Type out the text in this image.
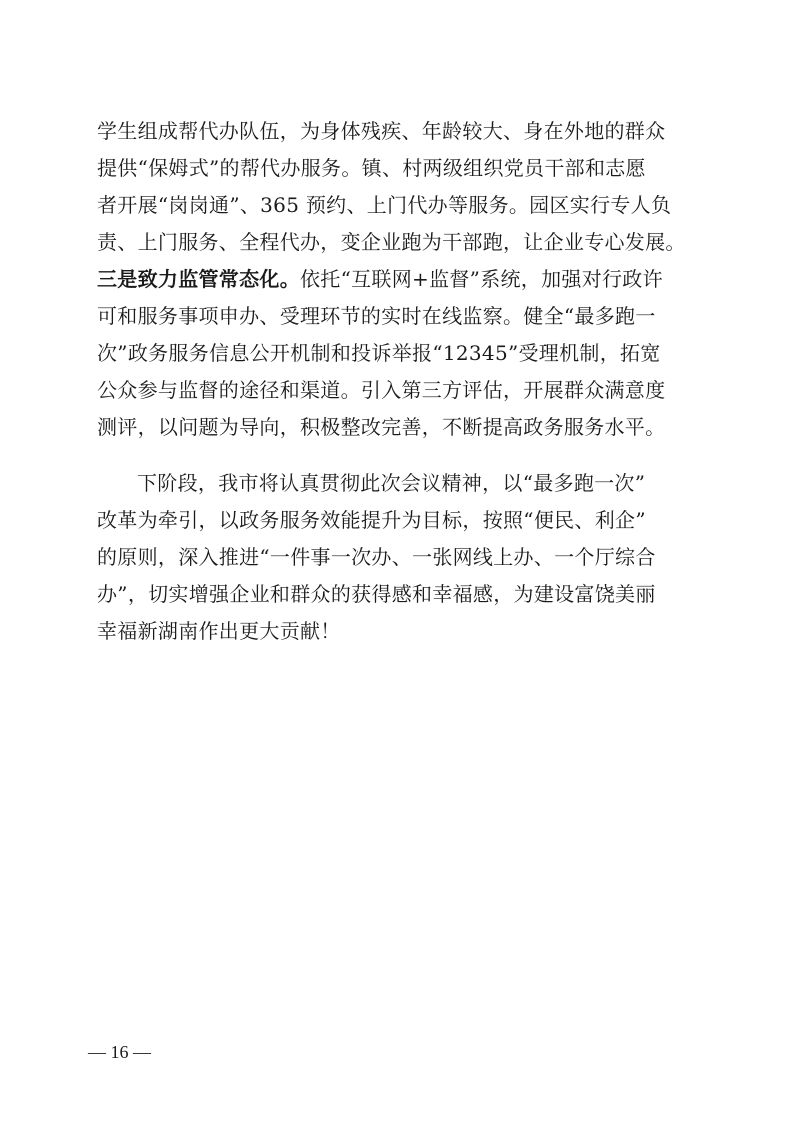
学生组成帮代办队伍，为身体残疾、年龄较大、身在外地的群众
提供“保姆式”的帮代办服务。镇、村两级组织党员干部和志愿
者开展“岗岗通”、365 预约、上门代办等服务。园区实行专人负
责、上门服务、全程代办，变企业跑为干部跑，让企业专心发展。
三是致力监管常态化。依托“互联网+监督”系统，加强对行政许
可和服务事项申办、受理环节的实时在线监察。健全“最多跑一
次”政务服务信息公开机制和投诉举报“12345”受理机制，拓宽
公众参与监督的途径和渠道。引入第三方评估，开展群众满意度
测评，以问题为导向，积极整改完善，不断提高政务服务水平。
下阶段，我市将认真贯彻此次会议精神，以“最多跑一次”
改革为牵引，以政务服务效能提升为目标，按照“便民、利企”
的原则，深入推进“一件事一次办、一张网线上办、一个厅综合
办”，切实增强企业和群众的获得感和幸福感，为建设富饶美丽
幸福新湖南作出更大贡献！
— 16 —
